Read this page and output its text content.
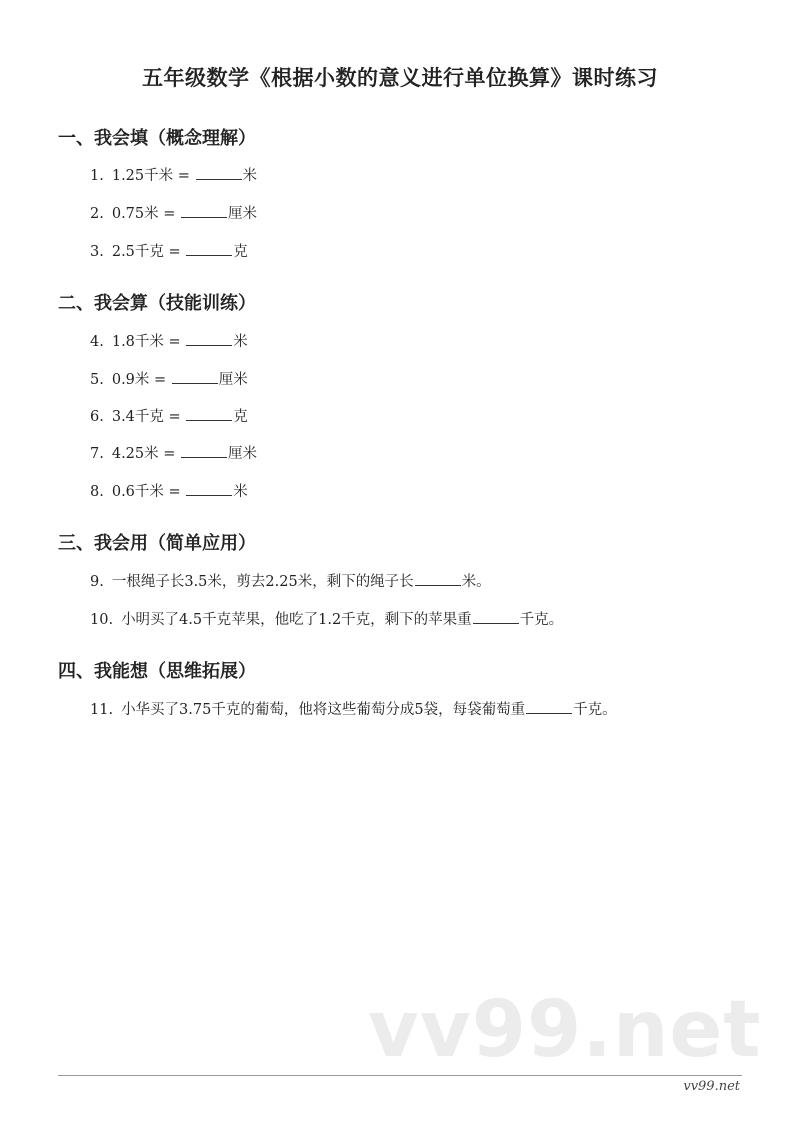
五年级数学《根据小数的意义进行单位换算》课时练习
一、我会填（概念理解）
1. 1.25千米 =	米
2. 0.75米 =	厘米
3. 2.5千克 =	克
二、我会算（技能训练）
4. 1.8千米 =	米
5. 0.9米 =	厘米
6. 3.4千克 =	克
7. 4.25米 =	厘米
8. 0.6千米 =	米
三、我会用（简单应用）
9. 一根绳子长3.5米，剪去2.25米，剩下的绳子长	米。
10. 小明买了4.5千克苹果，他吃了1.2千克，剩下的苹果重	千克。
四、我能想（思维拓展）
11. 小华买了3.75千克的葡萄，他将这些葡萄分成5袋，每袋葡萄重	千克。
vv99.net
vv99.net
